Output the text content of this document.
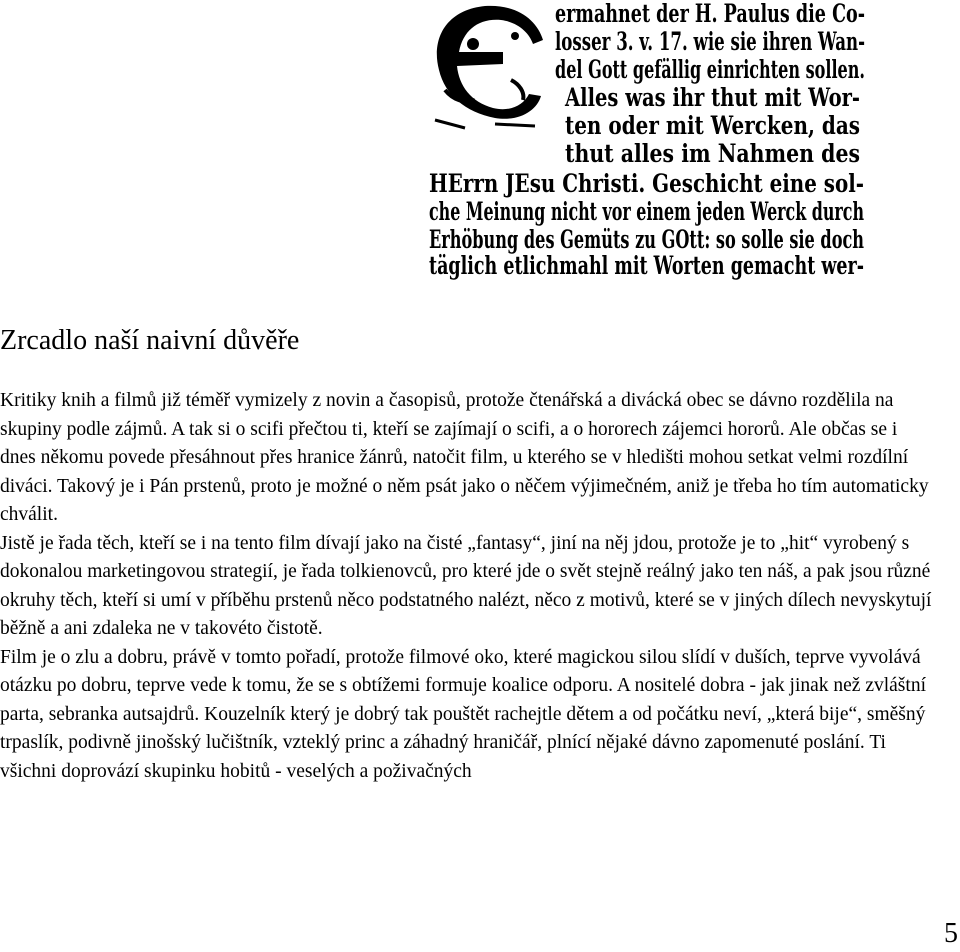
ermahnet der H. Paulus die Co-
losser 3. v. 17. wie sie ihren Wan-
del Gott gefällig einrichten sollen.
Alles was ihr thut mit Wor-
ten oder mit Wercken, das
thut alles im Nahmen des
HErrn JEsu Christi. Geschicht eine sol-
che Meinung nicht vor einem jeden Werck durch
Erhöbung des Gemüts zu GOtt: so solle sie doch
täglich etlichmahl mit Worten gemacht wer-
Zrcadlo naší naivní důvěře

Kritiky knih a filmů již téměř vymizely z novin a časopisů, protože čtenářská a divácká obec se dávno rozdělila na skupiny podle zájmů. A tak si o scifi přečtou ti, kteří se zajímají o scifi, a o hororech zájemci hororů. Ale občas se i dnes někomu povede přesáhnout přes hranice žánrů, natočit film, u kterého se v hledišti mohou setkat velmi rozdílní diváci. Takový je i Pán prstenů, proto je možné o něm psát jako o něčem výjimečném, aniž je třeba ho tím automaticky chválit.

Jistě je řada těch, kteří se i na tento film dívají jako na čisté „fantasy“, jiní na něj jdou, protože je to „hit“ vyrobený s dokonalou marketingovou strategií, je řada tolkienovců, pro které jde o svět stejně reálný jako ten náš, a pak jsou různé okruhy těch, kteří si umí v příběhu prstenů něco podstatného nalézt, něco z motivů, které se v jiných dílech nevyskytují běžně a ani zdaleka ne v takovéto čistotě.

Film je o zlu a dobru, právě v tomto pořadí, protože filmové oko, které magickou silou slídí v duších, teprve vyvolává otázku po dobru, teprve vede k tomu, že se s obtížemi formuje koalice odporu. A nositelé dobra - jak jinak než zvláštní parta, sebranka autsajdrů. Kouzelník který je dobrý tak pouštět rachejtle dětem a od počátku neví, „která bije“, směšný trpaslík, podivně jinošský lučištník, vzteklý princ a záhadný hraničář, plnící nějaké dávno zapomenuté poslání. Ti všichni doprovází skupinku hobitů - veselých a poživačných

5
